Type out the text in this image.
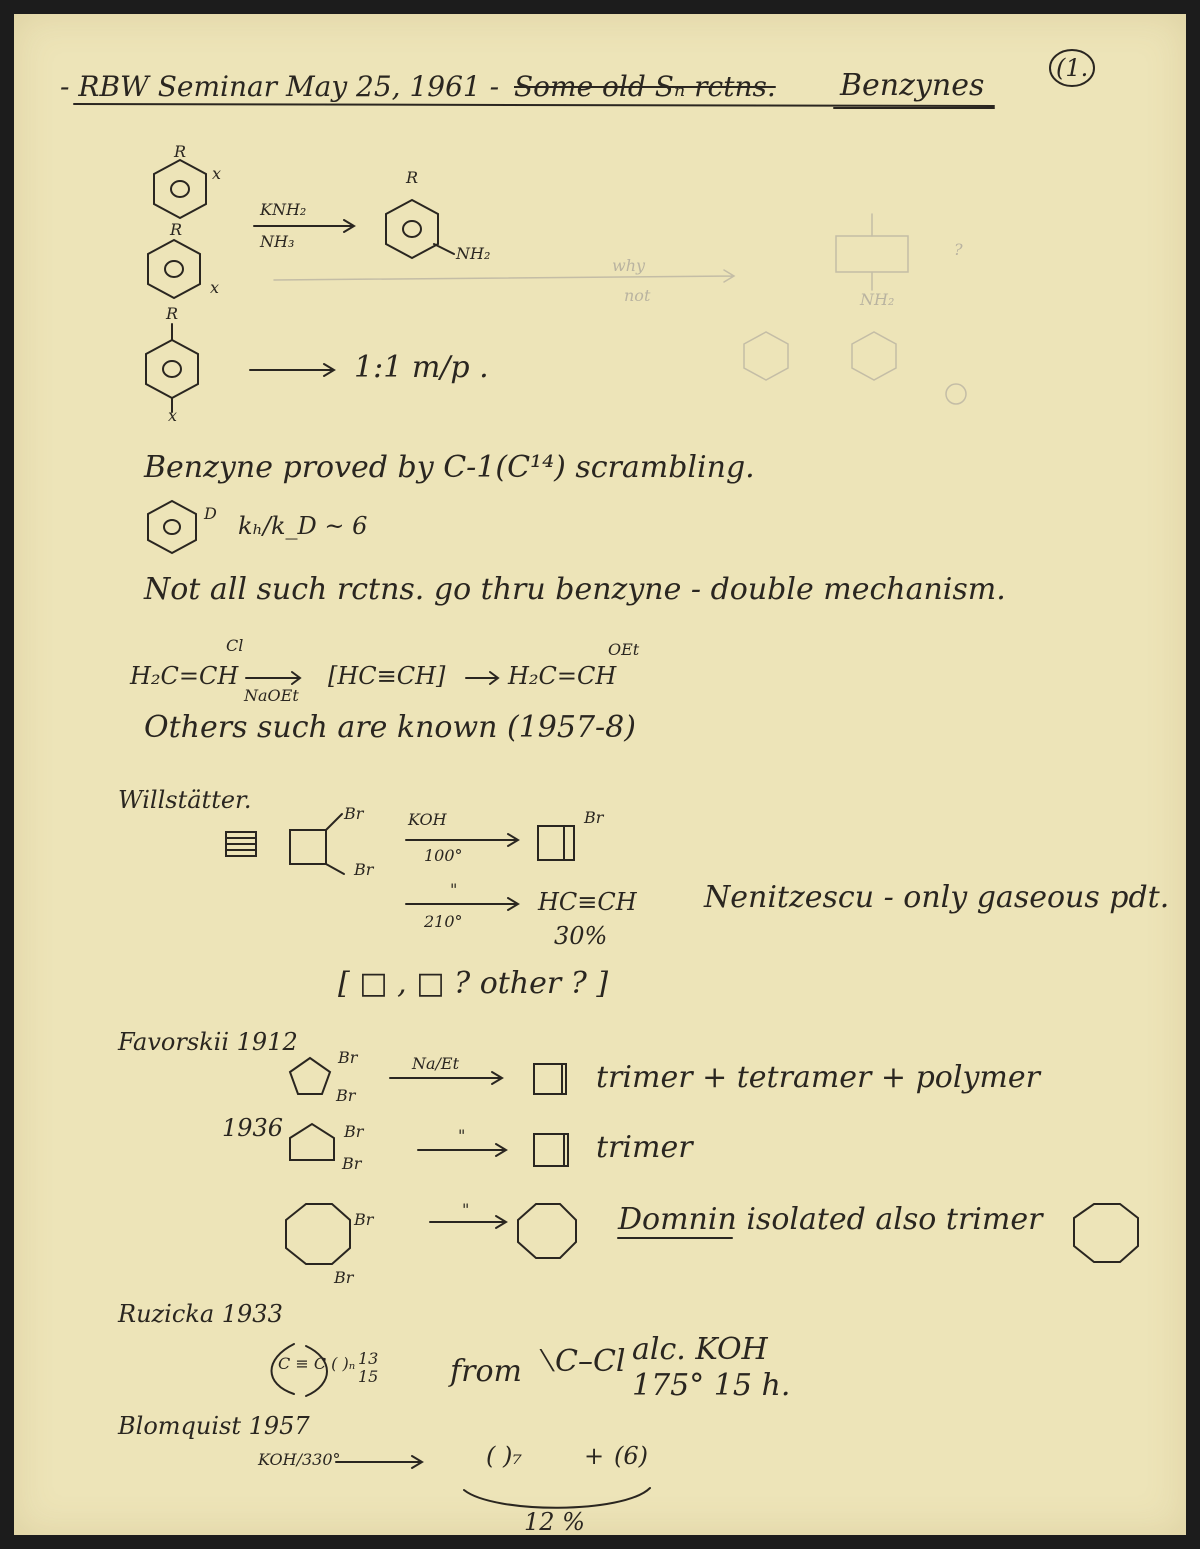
- RBW Seminar May 25, 1961 - Some old Sₙ rctns. Benzynes	(1.
R
x
R
x
KNH₂
NH₃
R
NH₂
R
x
1:1 m/p .
why
not
?
NH₂
Benzyne proved by C-1(C¹⁴) scrambling.
D kₕ/k_D ~ 6
Not all such rctns. go thru benzyne - double mechanism.
H₂C=CH
Cl
NaOEt
[HC≡CH]	H₂C=CH
OEt
Others such are known (1957-8)
Willstätter.	Br
Br
KOH
100°
Br
"
210°
HC≡CH
30%
Nenitzescu - only gaseous pdt.
[ □ , □ ? other ? ]
Favorskii 1912
Br
Br
Na/Et	trimer + tetramer + polymer
1936	Br
Br
"	trimer
Br
Br
"	Domnin isolated also trimer
Ruzicka 1933
C ≡ C ( )ₙ 13
15 from ⟍C–Cl alc. KOH
175° 15 h.
Blomquist 1957
KOH/330°	( )₇	+ (6)
12 %
